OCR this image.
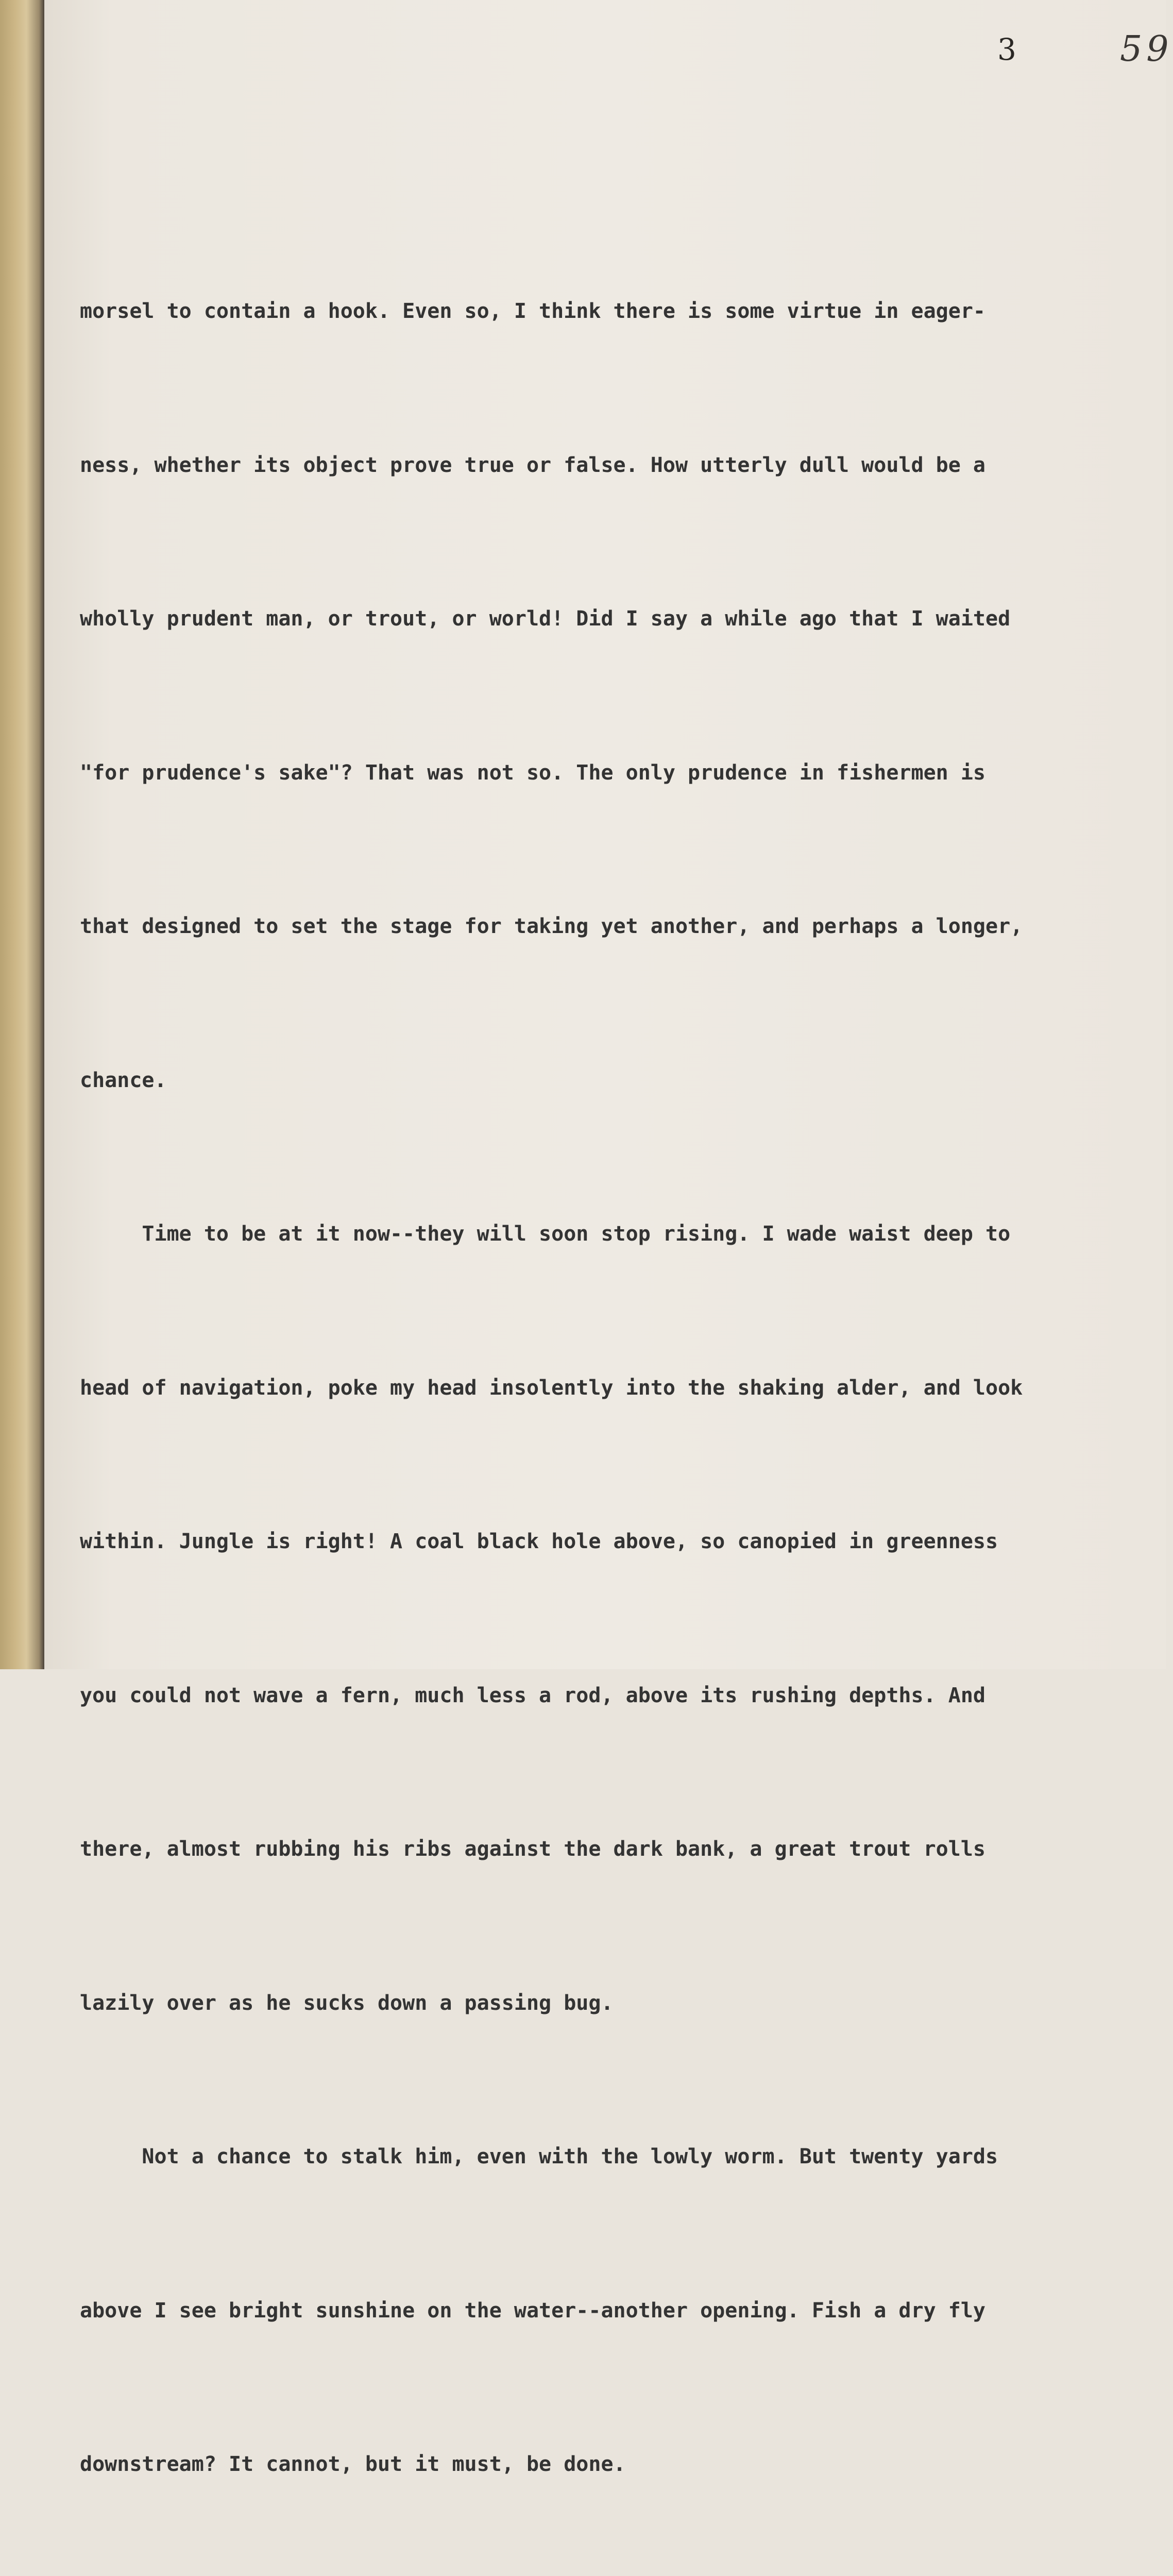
3	59

morsel to contain a hook. Even so, I think there is some virtue in eager-

ness, whether its object prove true or false. How utterly dull would be a

wholly prudent man, or trout, or world! Did I say a while ago that I waited

"for prudence's sake"? That was not so. The only prudence in fishermen is

that designed to set the stage for taking yet another, and perhaps a longer,

chance.

Time to be at it now--they will soon stop rising. I wade waist deep to

head of navigation, poke my head insolently into the shaking alder, and look

within. Jungle is right! A coal black hole above, so canopied in greenness

you could not wave a fern, much less a rod, above its rushing depths. And

there, almost rubbing his ribs against the dark bank, a great trout rolls

lazily over as he sucks down a passing bug.

Not a chance to stalk him, even with the lowly worm. But twenty yards

above I see bright sunshine on the water--another opening. Fish a dry fly

downstream? It cannot, but it must, be done.
